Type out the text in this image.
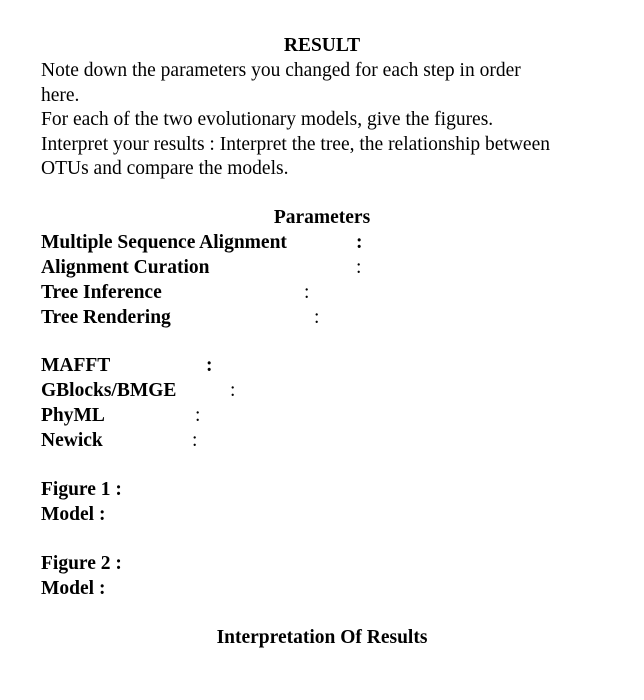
RESULT
Note down the parameters you changed for each step in order
here.
For each of the two evolutionary models, give the figures.
Interpret your results : Interpret the tree, the relationship between
OTUs and compare the models.
Parameters
Multiple Sequence Alignment	:
Alignment Curation	:
Tree Inference	:
Tree Rendering	:
MAFFT	:
GBlocks/BMGE	:
PhyML	:
Newick	:
Figure 1 :
Model :
Figure 2 :
Model :
Interpretation Of Results
